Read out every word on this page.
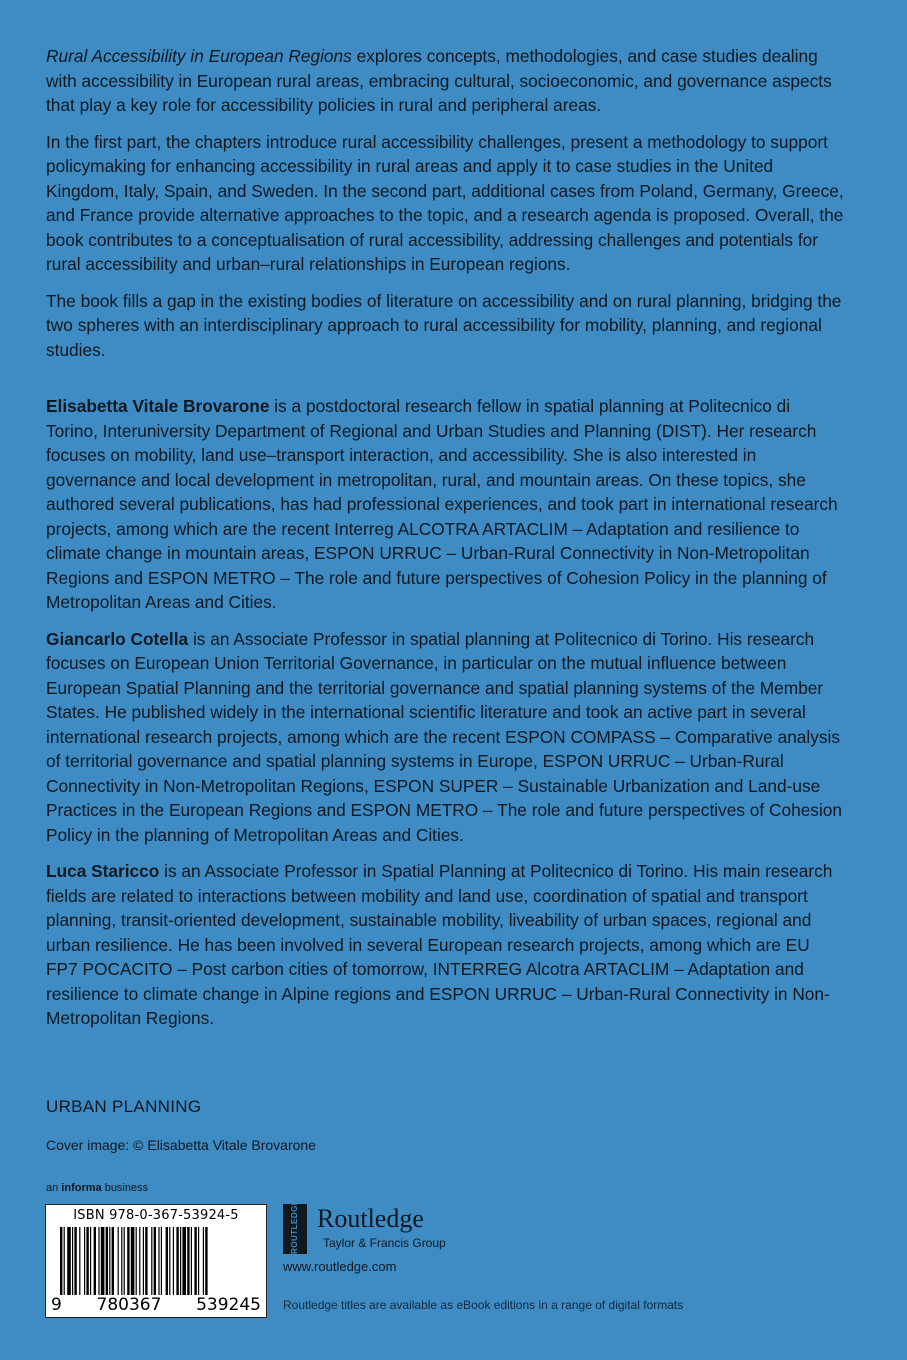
Rural Accessibility in European Regions explores concepts, methodologies, and case studies dealing with accessibility in European rural areas, embracing cultural, socioeconomic, and governance aspects that play a key role for accessibility policies in rural and peripheral areas.

In the first part, the chapters introduce rural accessibility challenges, present a methodology to support policymaking for enhancing accessibility in rural areas and apply it to case studies in the United Kingdom, Italy, Spain, and Sweden. In the second part, additional cases from Poland, Germany, Greece, and France provide alternative approaches to the topic, and a research agenda is proposed. Overall, the book contributes to a conceptualisation of rural accessibility, addressing challenges and potentials for rural accessibility and urban–rural relationships in European regions.

The book fills a gap in the existing bodies of literature on accessibility and on rural planning, bridging the two spheres with an interdisciplinary approach to rural accessibility for mobility, planning, and regional studies.

Elisabetta Vitale Brovarone is a postdoctoral research fellow in spatial planning at Politecnico di Torino, Interuniversity Department of Regional and Urban Studies and Planning (DIST). Her research focuses on mobility, land use–transport interaction, and accessibility. She is also interested in governance and local development in metropolitan, rural, and mountain areas. On these topics, she authored several publications, has had professional experiences, and took part in international research projects, among which are the recent Interreg ALCOTRA ARTACLIM – Adaptation and resilience to climate change in mountain areas, ESPON URRUC – Urban-Rural Connectivity in Non-Metropolitan Regions and ESPON METRO – The role and future perspectives of Cohesion Policy in the planning of Metropolitan Areas and Cities.

Giancarlo Cotella is an Associate Professor in spatial planning at Politecnico di Torino. His research focuses on European Union Territorial Governance, in particular on the mutual influence between European Spatial Planning and the territorial governance and spatial planning systems of the Member States. He published widely in the international scientific literature and took an active part in several international research projects, among which are the recent ESPON COMPASS – Comparative analysis of territorial governance and spatial planning systems in Europe, ESPON URRUC – Urban-Rural Connectivity in Non-Metropolitan Regions, ESPON SUPER – Sustainable Urbanization and Land-use Practices in the European Regions and ESPON METRO – The role and future perspectives of Cohesion Policy in the planning of Metropolitan Areas and Cities.

Luca Staricco is an Associate Professor in Spatial Planning at Politecnico di Torino. His main research fields are related to interactions between mobility and land use, coordination of spatial and transport planning, transit-oriented development, sustainable mobility, liveability of urban spaces, regional and urban resilience. He has been involved in several European research projects, among which are EU FP7 POCACITO – Post carbon cities of tomorrow, INTERREG Alcotra ARTACLIM – Adaptation and resilience to climate change in Alpine regions and ESPON URRUC – Urban-Rural Connectivity in Non-Metropolitan Regions.

URBAN PLANNING
Cover image: © Elisabetta Vitale Brovarone
an informa business
ISBN 978-0-367-53924-5
9 780367 539245
ROUTLEDGE Routledge
Taylor & Francis Group
www.routledge.com
Routledge titles are available as eBook editions in a range of digital formats
